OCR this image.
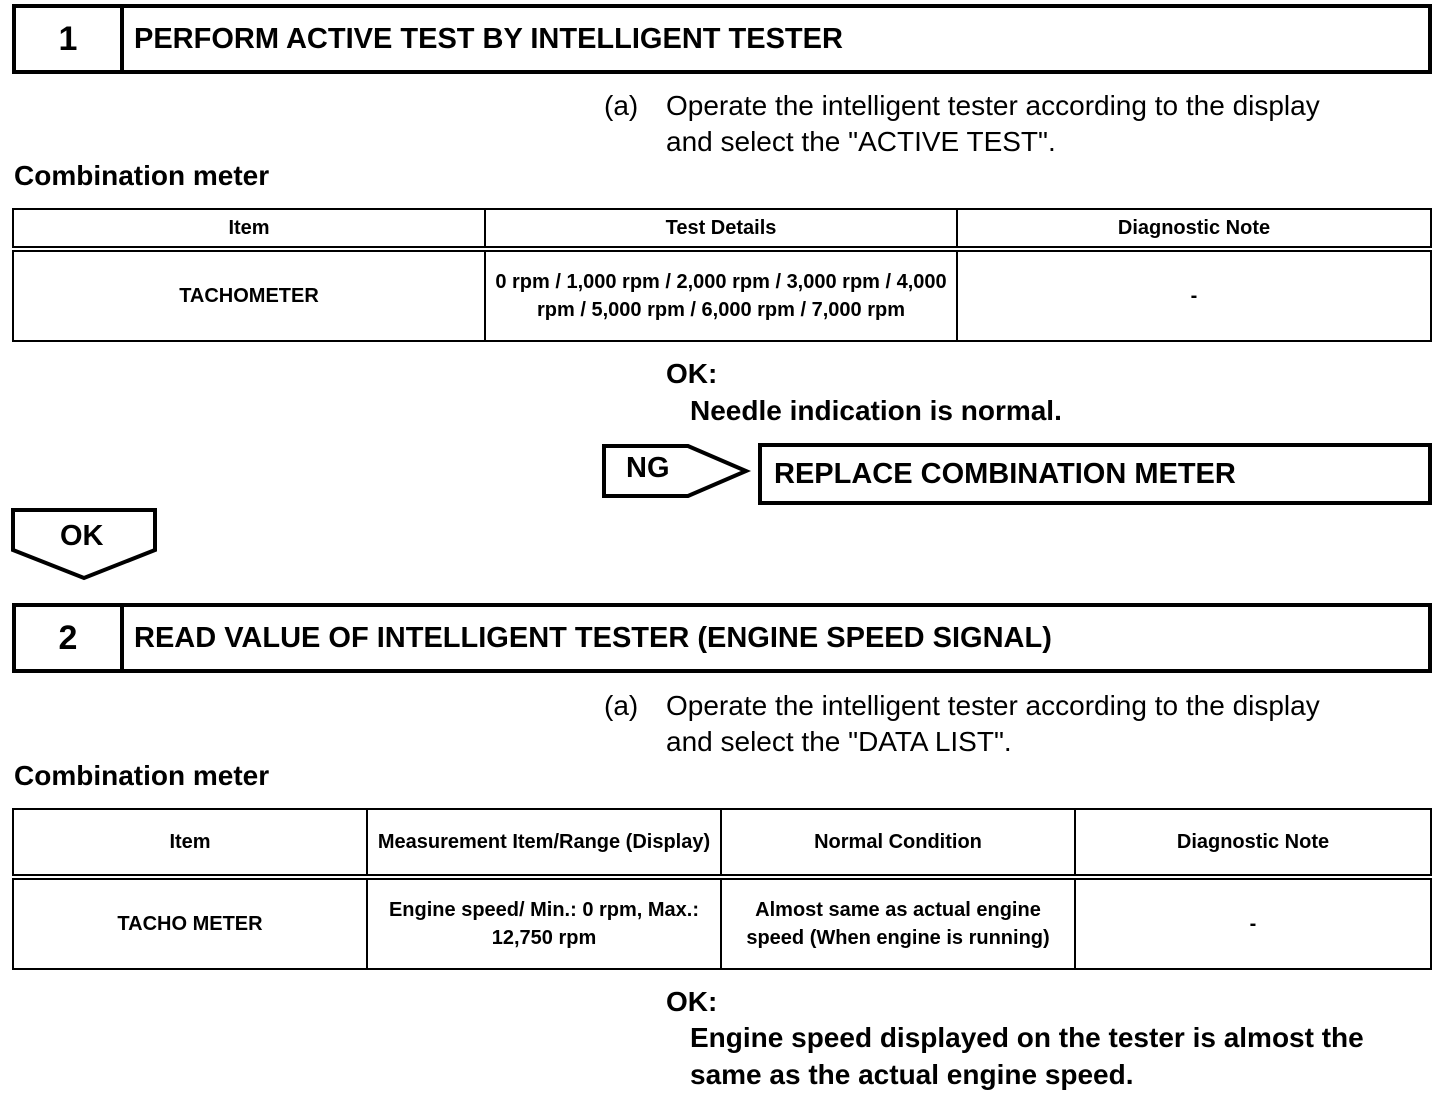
1	PERFORM ACTIVE TEST BY INTELLIGENT TESTER
(a) Operate the intelligent tester according to the display
and select the "ACTIVE TEST".
Combination meter
Item	Test Details	Diagnostic Note
TACHOMETER	0 rpm / 1,000 rpm / 2,000 rpm / 3,000 rpm / 4,000 rpm / 5,000 rpm / 6,000 rpm / 7,000 rpm	-
OK:
Needle indication is normal.
NG	REPLACE COMBINATION METER
OK
2	READ VALUE OF INTELLIGENT TESTER (ENGINE SPEED SIGNAL)
(a) Operate the intelligent tester according to the display
and select the "DATA LIST".
Combination meter
Item	Measurement Item/Range (Display)	Normal Condition	Diagnostic Note
TACHO METER	Engine speed/ Min.: 0 rpm, Max.: 12,750 rpm	Almost same as actual engine speed (When engine is running)	-
OK:
Engine speed displayed on the tester is almost the same as the actual engine speed.
